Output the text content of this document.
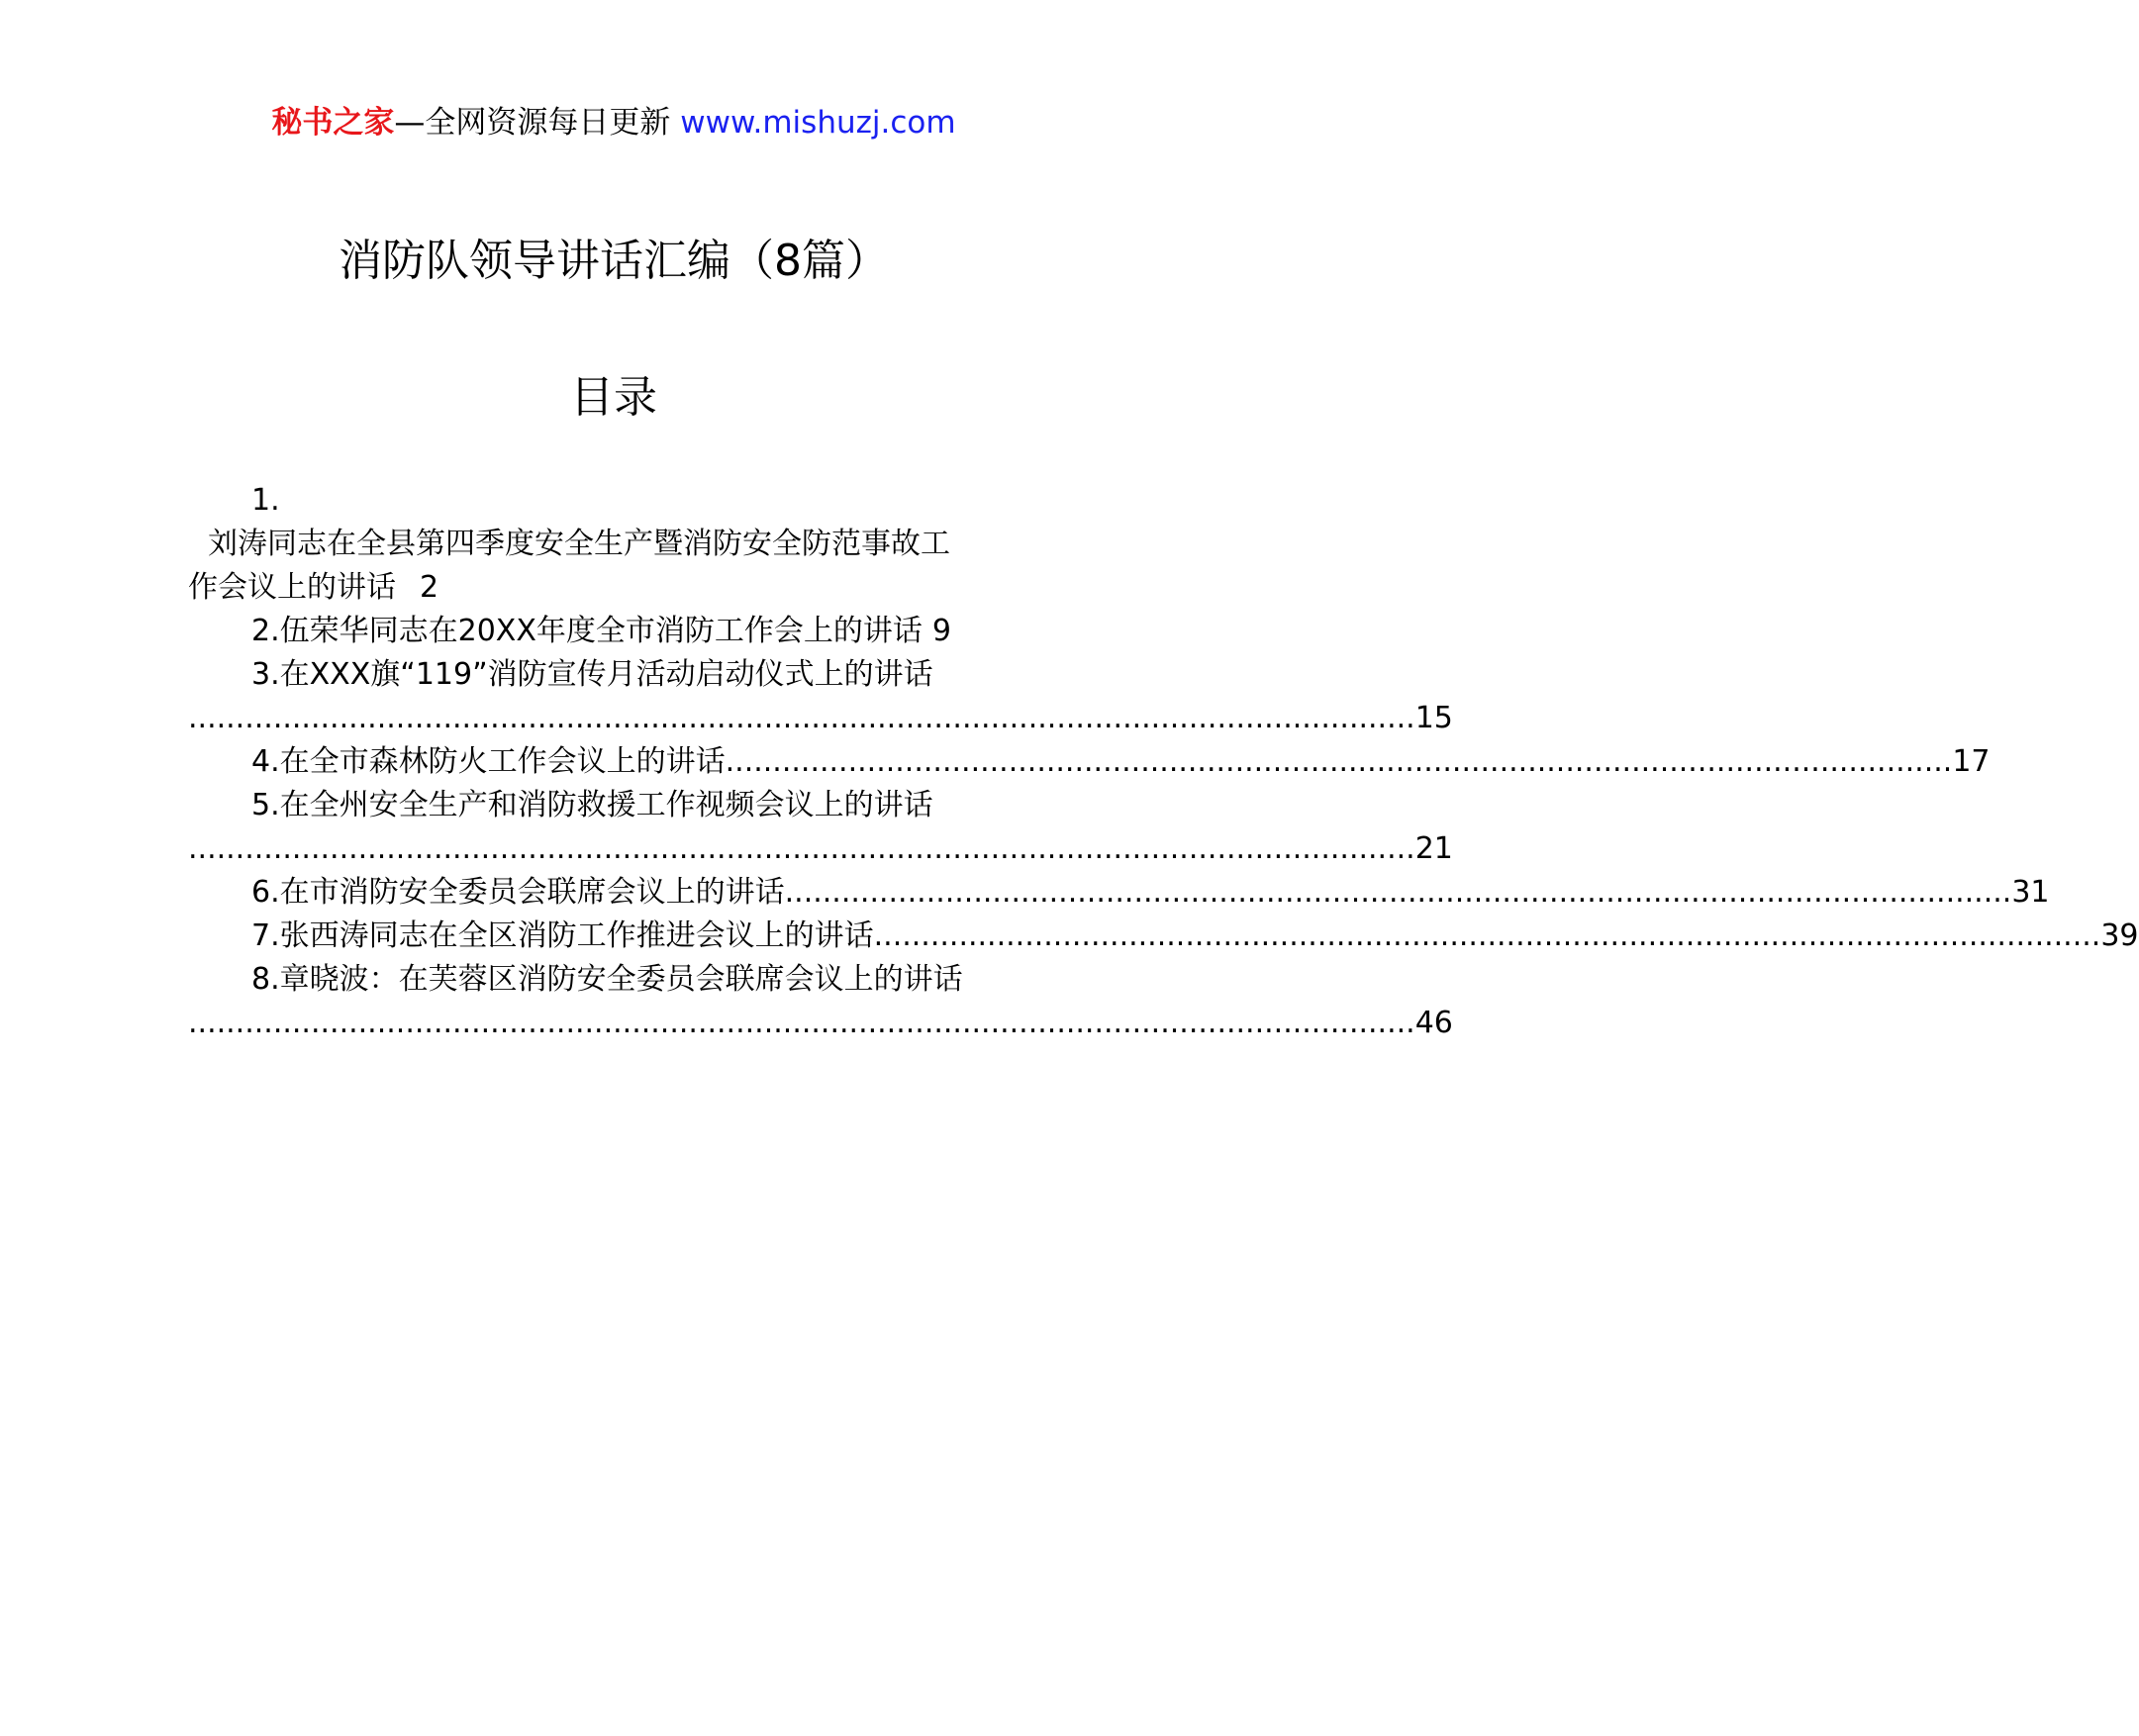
秘书之家—全网资源每日更新 www.mishuzj.com
消防队领导讲话汇编（8篇）
目录
1.
刘涛同志在全县第四季度安全生产暨消防安全防范事故工
作会议上的讲话 2
2.伍荣华同志在20XX年度全市消防工作会上的讲话 9
3.在XXX旗“119”消防宣传月活动启动仪式上的讲话
.................................................................................................................................. 15
4.在全市森林防火工作会议上的讲话 .................................................................................................................................. 17
5.在全州安全生产和消防救援工作视频会议上的讲话
.................................................................................................................................. 21
6.在市消防安全委员会联席会议上的讲话 .................................................................................................................................. 31
7.张西涛同志在全区消防工作推进会议上的讲话 .................................................................................................................................. 39
8.章晓波：在芙蓉区消防安全委员会联席会议上的讲话
.................................................................................................................................. 46
